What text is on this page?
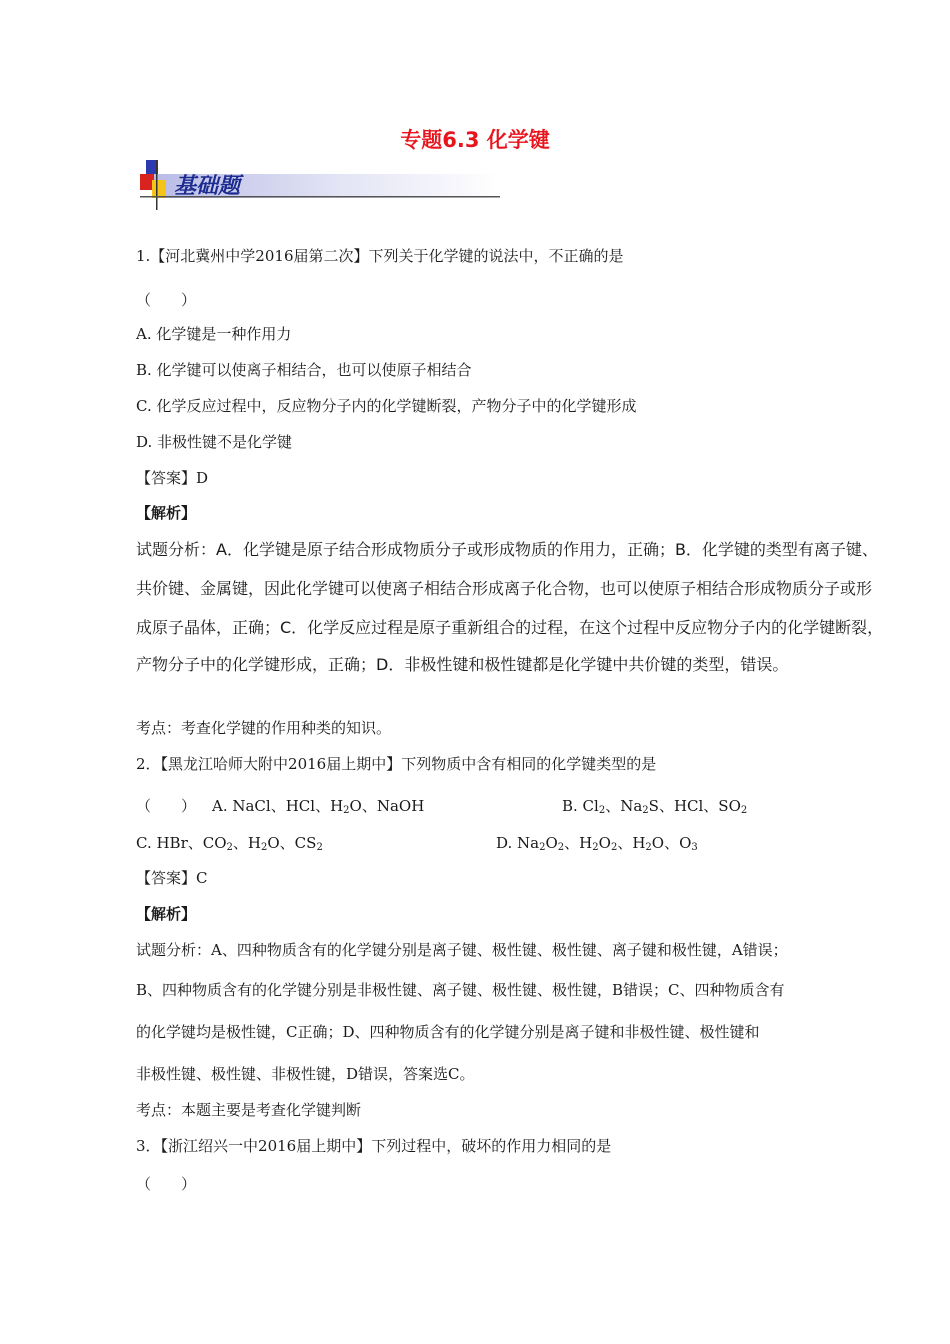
专题6.3 化学键
基础题
1.【河北冀州中学2016届第二次】下列关于化学键的说法中，不正确的是
（　　）
A. 化学键是一种作用力
B. 化学键可以使离子相结合，也可以使原子相结合
C. 化学反应过程中，反应物分子内的化学键断裂，产物分子中的化学键形成
D. 非极性键不是化学键
【答案】D
【解析】
试题分析：A．化学键是原子结合形成物质分子或形成物质的作用力，正确；B．化学键的类型有离子键、
共价键、金属键，因此化学键可以使离子相结合形成离子化合物，也可以使原子相结合形成物质分子或形
成原子晶体，正确；C．化学反应过程是原子重新组合的过程，在这个过程中反应物分子内的化学键断裂，
产物分子中的化学键形成，正确；D．非极性键和极性键都是化学键中共价键的类型，错误。
考点：考查化学键的作用种类的知识。
2．【黑龙江哈师大附中2016届上期中】下列物质中含有相同的化学键类型的是
（　　） A. NaCl、HCl、$H_2O$、NaOH	B. $Cl_2$、$Na_2S$、HCl、$SO_2$
C. HBr、$CO_2$、$H_2O$、$CS_2$	D. $Na_2O_2$、$H_2O_2$、$H_2O$、$O_3$
【答案】C
【解析】
试题分析：A、四种物质含有的化学键分别是离子键、极性键、极性键、离子键和极性键，A错误；
B、四种物质含有的化学键分别是非极性键、离子键、极性键、极性键，B错误；C、四种物质含有
的化学键均是极性键，C正确；D、四种物质含有的化学键分别是离子键和非极性键、极性键和
非极性键、极性键、非极性键，D错误，答案选C。
考点：本题主要是考查化学键判断
3．【浙江绍兴一中2016届上期中】下列过程中，破坏的作用力相同的是
（　　）
